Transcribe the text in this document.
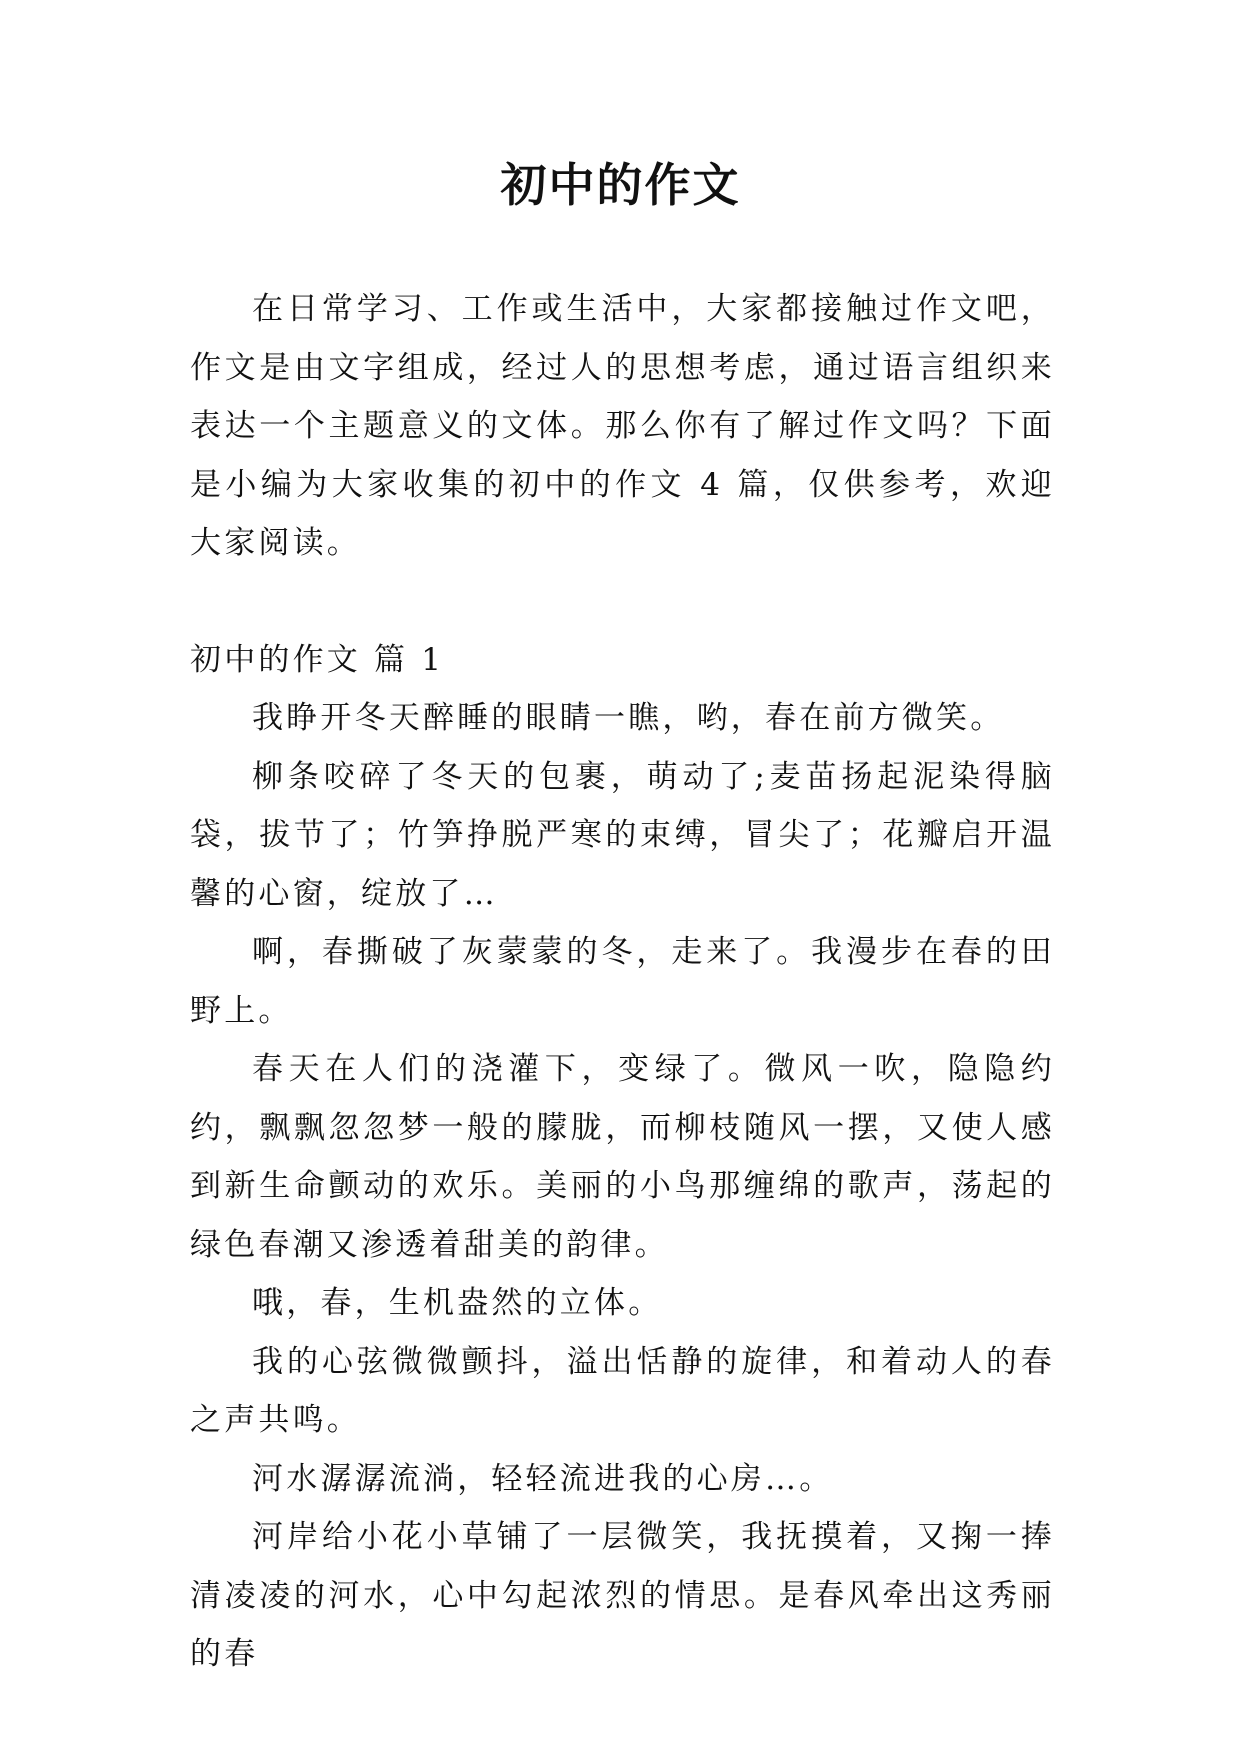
初中的作文

在日常学习、工作或生活中，大家都接触过作文吧，作文是由文字组成，经过人的思想考虑，通过语言组织来表达一个主题意义的文体。那么你有了解过作文吗？下面是小编为大家收集的初中的作文 4 篇，仅供参考，欢迎大家阅读。

初中的作文 篇 1

我睁开冬天醉睡的眼睛一瞧，哟，春在前方微笑。

柳条咬碎了冬天的包裹，萌动了;麦苗扬起泥染得脑袋，拔节了；竹笋挣脱严寒的束缚，冒尖了；花瓣启开温馨的心窗，绽放了…

啊，春撕破了灰蒙蒙的冬，走来了。我漫步在春的田野上。

春天在人们的浇灌下，变绿了。微风一吹，隐隐约约，飘飘忽忽梦一般的朦胧，而柳枝随风一摆，又使人感到新生命颤动的欢乐。美丽的小鸟那缠绵的歌声，荡起的绿色春潮又渗透着甜美的韵律。

哦，春，生机盎然的立体。

我的心弦微微颤抖，溢出恬静的旋律，和着动人的春之声共鸣。

河水潺潺流淌，轻轻流进我的心房…。

河岸给小花小草铺了一层微笑，我抚摸着，又掬一捧清凌凌的河水，心中勾起浓烈的情思。是春风牵出这秀丽的春
